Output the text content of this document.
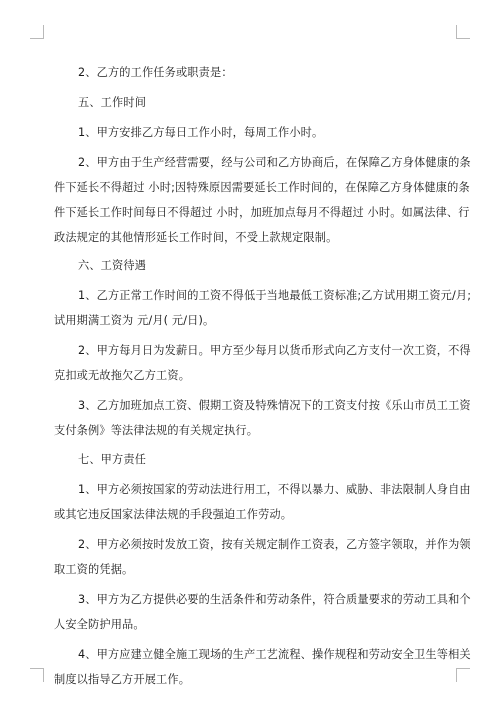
2、乙方的工作任务或职责是：
五、工作时间
1、甲方安排乙方每日工作小时，每周工作小时。
2、甲方由于生产经营需要，经与公司和乙方协商后，在保障乙方身体健康的条
件下延长不得超过 小时;因特殊原因需要延长工作时间的，在保障乙方身体健康的条
件下延长工作时间每日不得超过 小时，加班加点每月不得超过 小时。如属法律、行
政法规定的其他情形延长工作时间，不受上款规定限制。
六、工资待遇
1、乙方正常工作时间的工资不得低于当地最低工资标准;乙方试用期工资元/月;
试用期满工资为 元/月( 元/日)。
2、甲方每月日为发薪日。甲方至少每月以货币形式向乙方支付一次工资，不得
克扣或无故拖欠乙方工资。
3、乙方加班加点工资、假期工资及特殊情况下的工资支付按《乐山市员工工资
支付条例》等法律法规的有关规定执行。
七、甲方责任
1、甲方必须按国家的劳动法进行用工，不得以暴力、威胁、非法限制人身自由
或其它违反国家法律法规的手段强迫工作劳动。
2、甲方必须按时发放工资，按有关规定制作工资表，乙方签字领取，并作为领
取工资的凭据。
3、甲方为乙方提供必要的生活条件和劳动条件，符合质量要求的劳动工具和个
人安全防护用品。
4、甲方应建立健全施工现场的生产工艺流程、操作规程和劳动安全卫生等相关
制度以指导乙方开展工作。
